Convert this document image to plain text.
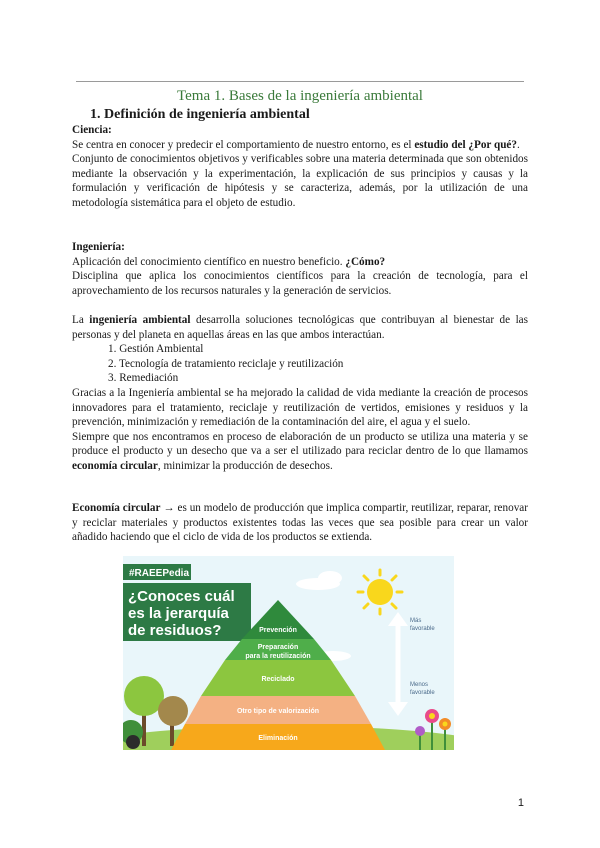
Tema 1. Bases de la ingeniería ambiental
1. Definición de ingeniería ambiental

Ciencia:

Se centra en conocer y predecir el comportamiento de nuestro entorno, es el estudio del ¿Por qué?.

Conjunto de conocimientos objetivos y verificables sobre una materia determinada que son obtenidos mediante la observación y la experimentación, la explicación de sus principios y causas y la formulación y verificación de hipótesis y se caracteriza, además, por la utilización de una metodología sistemática para el objeto de estudio.

Ingeniería:

Aplicación del conocimiento científico en nuestro beneficio. ¿Cómo?

Disciplina que aplica los conocimientos científicos para la creación de tecnología, para el aprovechamiento de los recursos naturales y la generación de servicios.

La ingeniería ambiental desarrolla soluciones tecnológicas que contribuyan al bienestar de las personas y del planeta en aquellas áreas en las que ambos interactúan.

1. Gestión Ambiental
2. Tecnología de tratamiento reciclaje y reutilización
3. Remediación

Gracias a la Ingeniería ambiental se ha mejorado la calidad de vida mediante la creación de procesos innovadores para el tratamiento, reciclaje y reutilización de vertidos, emisiones y residuos y la prevención, minimización y remediación de la contaminación del aire, el agua y el suelo.

Siempre que nos encontramos en proceso de elaboración de un producto se utiliza una materia y se produce el producto y un desecho que va a ser el utilizado para reciclar dentro de lo que llamamos economía circular, minimizar la producción de desechos.

Economía circular → es un modelo de producción que implica compartir, reutilizar, reparar, renovar y reciclar materiales y productos existentes todas las veces que sea posible para crear un valor añadido haciendo que el ciclo de vida de los productos se extienda.

#RAEEPedia
¿Conoces cuál
es la jerarquía
de residuos?	Prevención
Preparación
para la reutilización
Reciclado
Otro tipo de valorización
Eliminación
Más
favorable
Menos
favorable
1
